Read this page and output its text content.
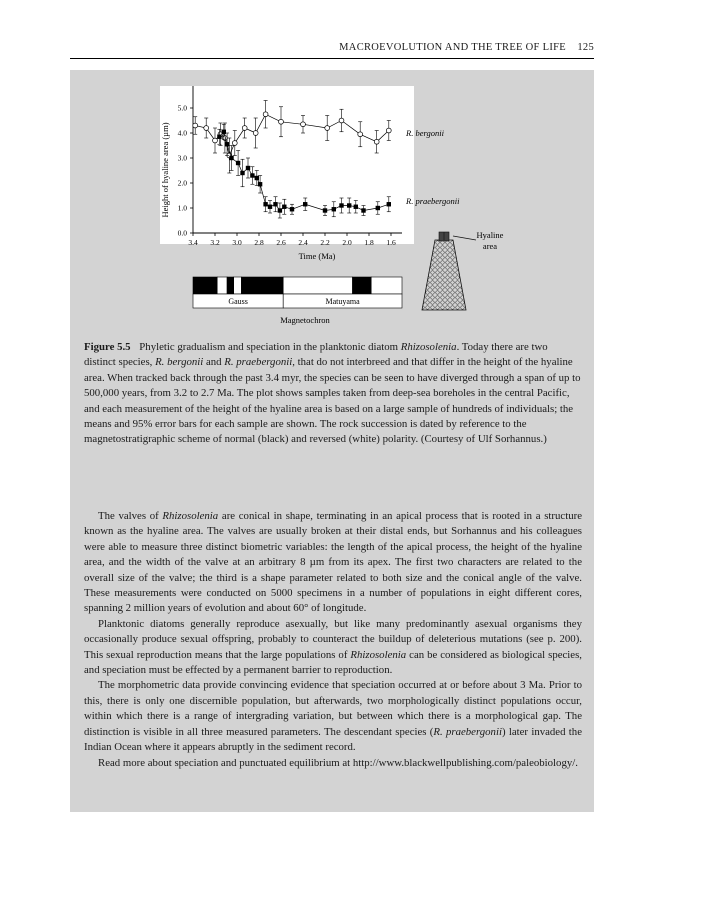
MACROEVOLUTION AND THE TREE OF LIFE 125
3.4 3.2 3.0 2.8 2.6 2.4 2.2 2.0 1.8 1.6
0.0
1.0
2.0
3.0
4.0
5.0
Time (Ma)
Height of hyaline area (µm)	R. bergonii
R. praebergonii
Hyaline
area
Gauss	Matuyama
Magnetochron
Figure 5.5 Phyletic gradualism and speciation in the planktonic diatom Rhizosolenia. Today there are two distinct species, R. bergonii and R. praebergonii, that do not interbreed and that differ in the height of the hyaline area. When tracked back through the past 3.4 myr, the species can be seen to have diverged through a span of up to 500,000 years, from 3.2 to 2.7 Ma. The plot shows samples taken from deep-sea boreholes in the central Pacific, and each measurement of the height of the hyaline area is based on a large sample of hundreds of individuals; the means and 95% error bars for each sample are shown. The rock succession is dated by reference to the magnetostratigraphic scheme of normal (black) and reversed (white) polarity. (Courtesy of Ulf Sorhannus.)

The valves of Rhizosolenia are conical in shape, terminating in an apical process that is rooted in a structure known as the hyaline area. The valves are usually broken at their distal ends, but Sorhannus and his colleagues were able to measure three distinct biometric variables: the length of the apical process, the height of the hyaline area, and the width of the valve at an arbitrary 8 µm from its apex. The first two characters are related to the overall size of the valve; the third is a shape parameter related to both size and the conical angle of the valve. These measurements were conducted on 5000 specimens in a number of populations in eight different cores, spanning 2 million years of evolution and about 60° of longitude.

Planktonic diatoms generally reproduce asexually, but like many predominantly asexual organisms they occasionally produce sexual offspring, probably to counteract the buildup of deleterious mutations (see p. 200). This sexual reproduction means that the large populations of Rhizosolenia can be considered as biological species, and speciation must be effected by a permanent barrier to reproduction.

The morphometric data provide convincing evidence that speciation occurred at or before about 3 Ma. Prior to this, there is only one discernible population, but afterwards, two morphologically distinct populations occur, within which there is a range of intergrading variation, but between which there is a morphological gap. The distinction is visible in all three measured parameters. The descendant species (R. praebergonii) later invaded the Indian Ocean where it appears abruptly in the sediment record.

Read more about speciation and punctuated equilibrium at http://www.blackwellpublishing.com/paleobiology/.
